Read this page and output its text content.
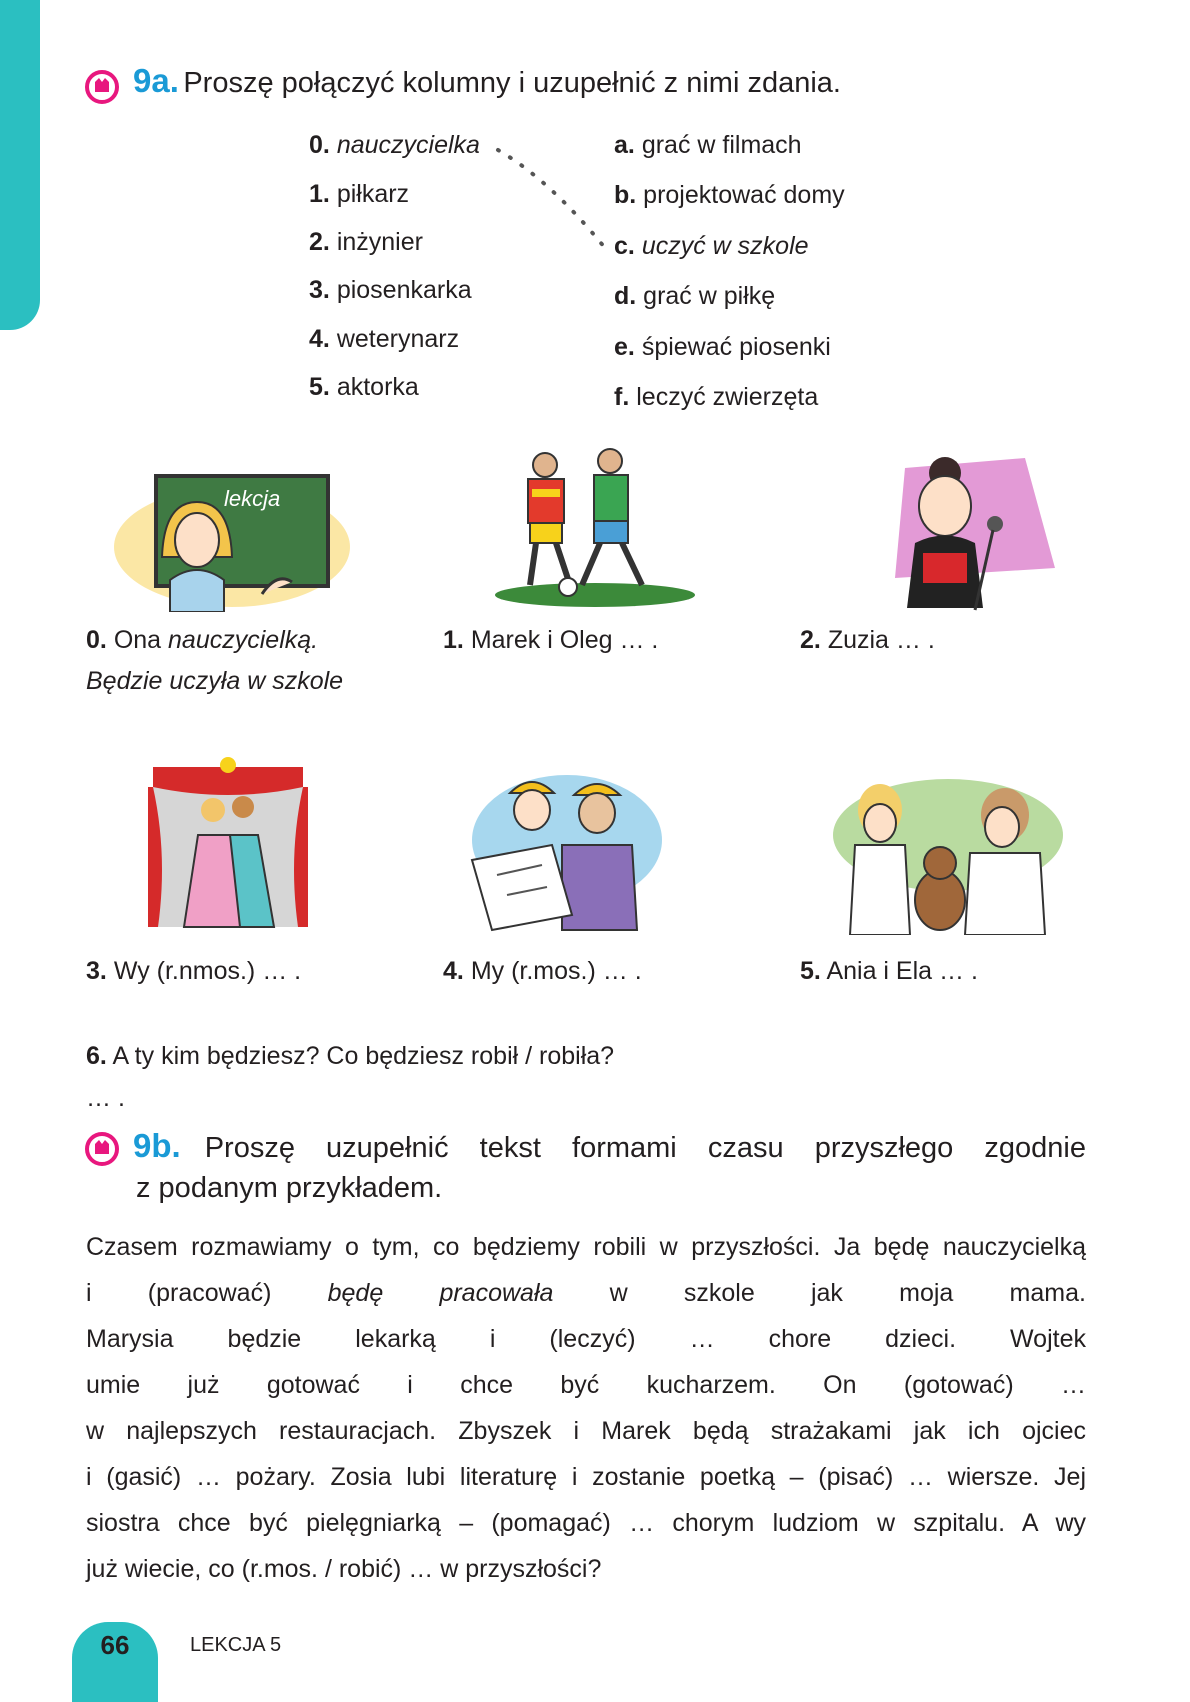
9a. Proszę połączyć kolumny i uzupełnić z nimi zdania.
0. nauczycielka
1. piłkarz
2. inżynier
3. piosenkarka
4. weterynarz
5. aktorka
a. grać w filmach
b. projektować domy
c. uczyć w szkole
d. grać w piłkę
e. śpiewać piosenki
f. leczyć zwierzęta
lekcja
0. Ona nauczycielką.
Będzie uczyła w szkole
1. Marek i Oleg … .	2. Zuzia … .
3. Wy (r.nmos.) … .	4. My (r.mos.) … .	5. Ania i Ela … .
6. A ty kim będziesz? Co będziesz robił / robiła?
… .
9b. Proszę uzupełnić tekst formami czasu przyszłego zgodnie
z podanym przykładem.
Czasem rozmawiamy o tym, co będziemy robili w przyszłości. Ja będę nauczycielką
i (pracować) będę pracowała w szkole jak moja mama.
Marysia będzie lekarką i (leczyć) … chore dzieci. Wojtek
umie już gotować i chce być kucharzem. On (gotować) …
w najlepszych restauracjach. Zbyszek i Marek będą strażakami jak ich ojciec
i (gasić) … pożary. Zosia lubi literaturę i zostanie poetką – (pisać) … wiersze. Jej
siostra chce być pielęgniarką – (pomagać) … chorym ludziom w szpitalu. A wy
już wiecie, co (r.mos. / robić) … w przyszłości?
66	LEKCJA 5
